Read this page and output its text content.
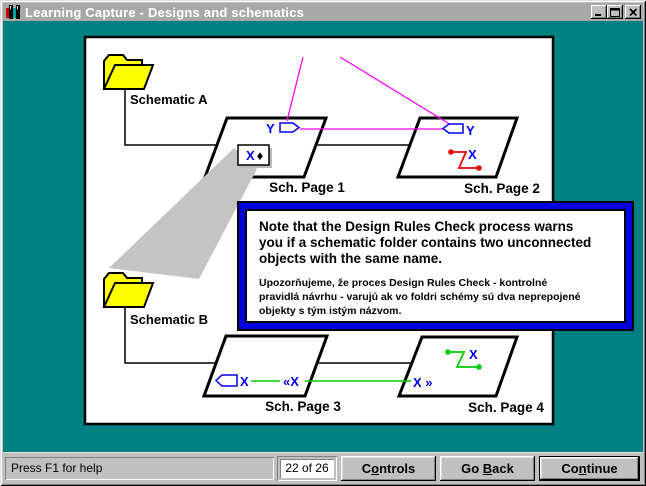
Learning Capture - Designs and schematics
X ♦
Schematic A
Schematic B
Y	Y
X
X	«X	X »
X
Sch. Page 1	Sch. Page 2
Sch. Page 3	Sch. Page 4
Note that the Design Rules Check process warns
you if a schematic folder contains two unconnected
objects with the same name.
Upozorňujeme, že proces Design Rules Check - kontrolné
pravidlá návrhu - varujú ak vo foldri schémy sú dva neprepojené
objekty s tým istým názvom.
Press F1 for help	22 of 26	Controls	Go Back	Continue
